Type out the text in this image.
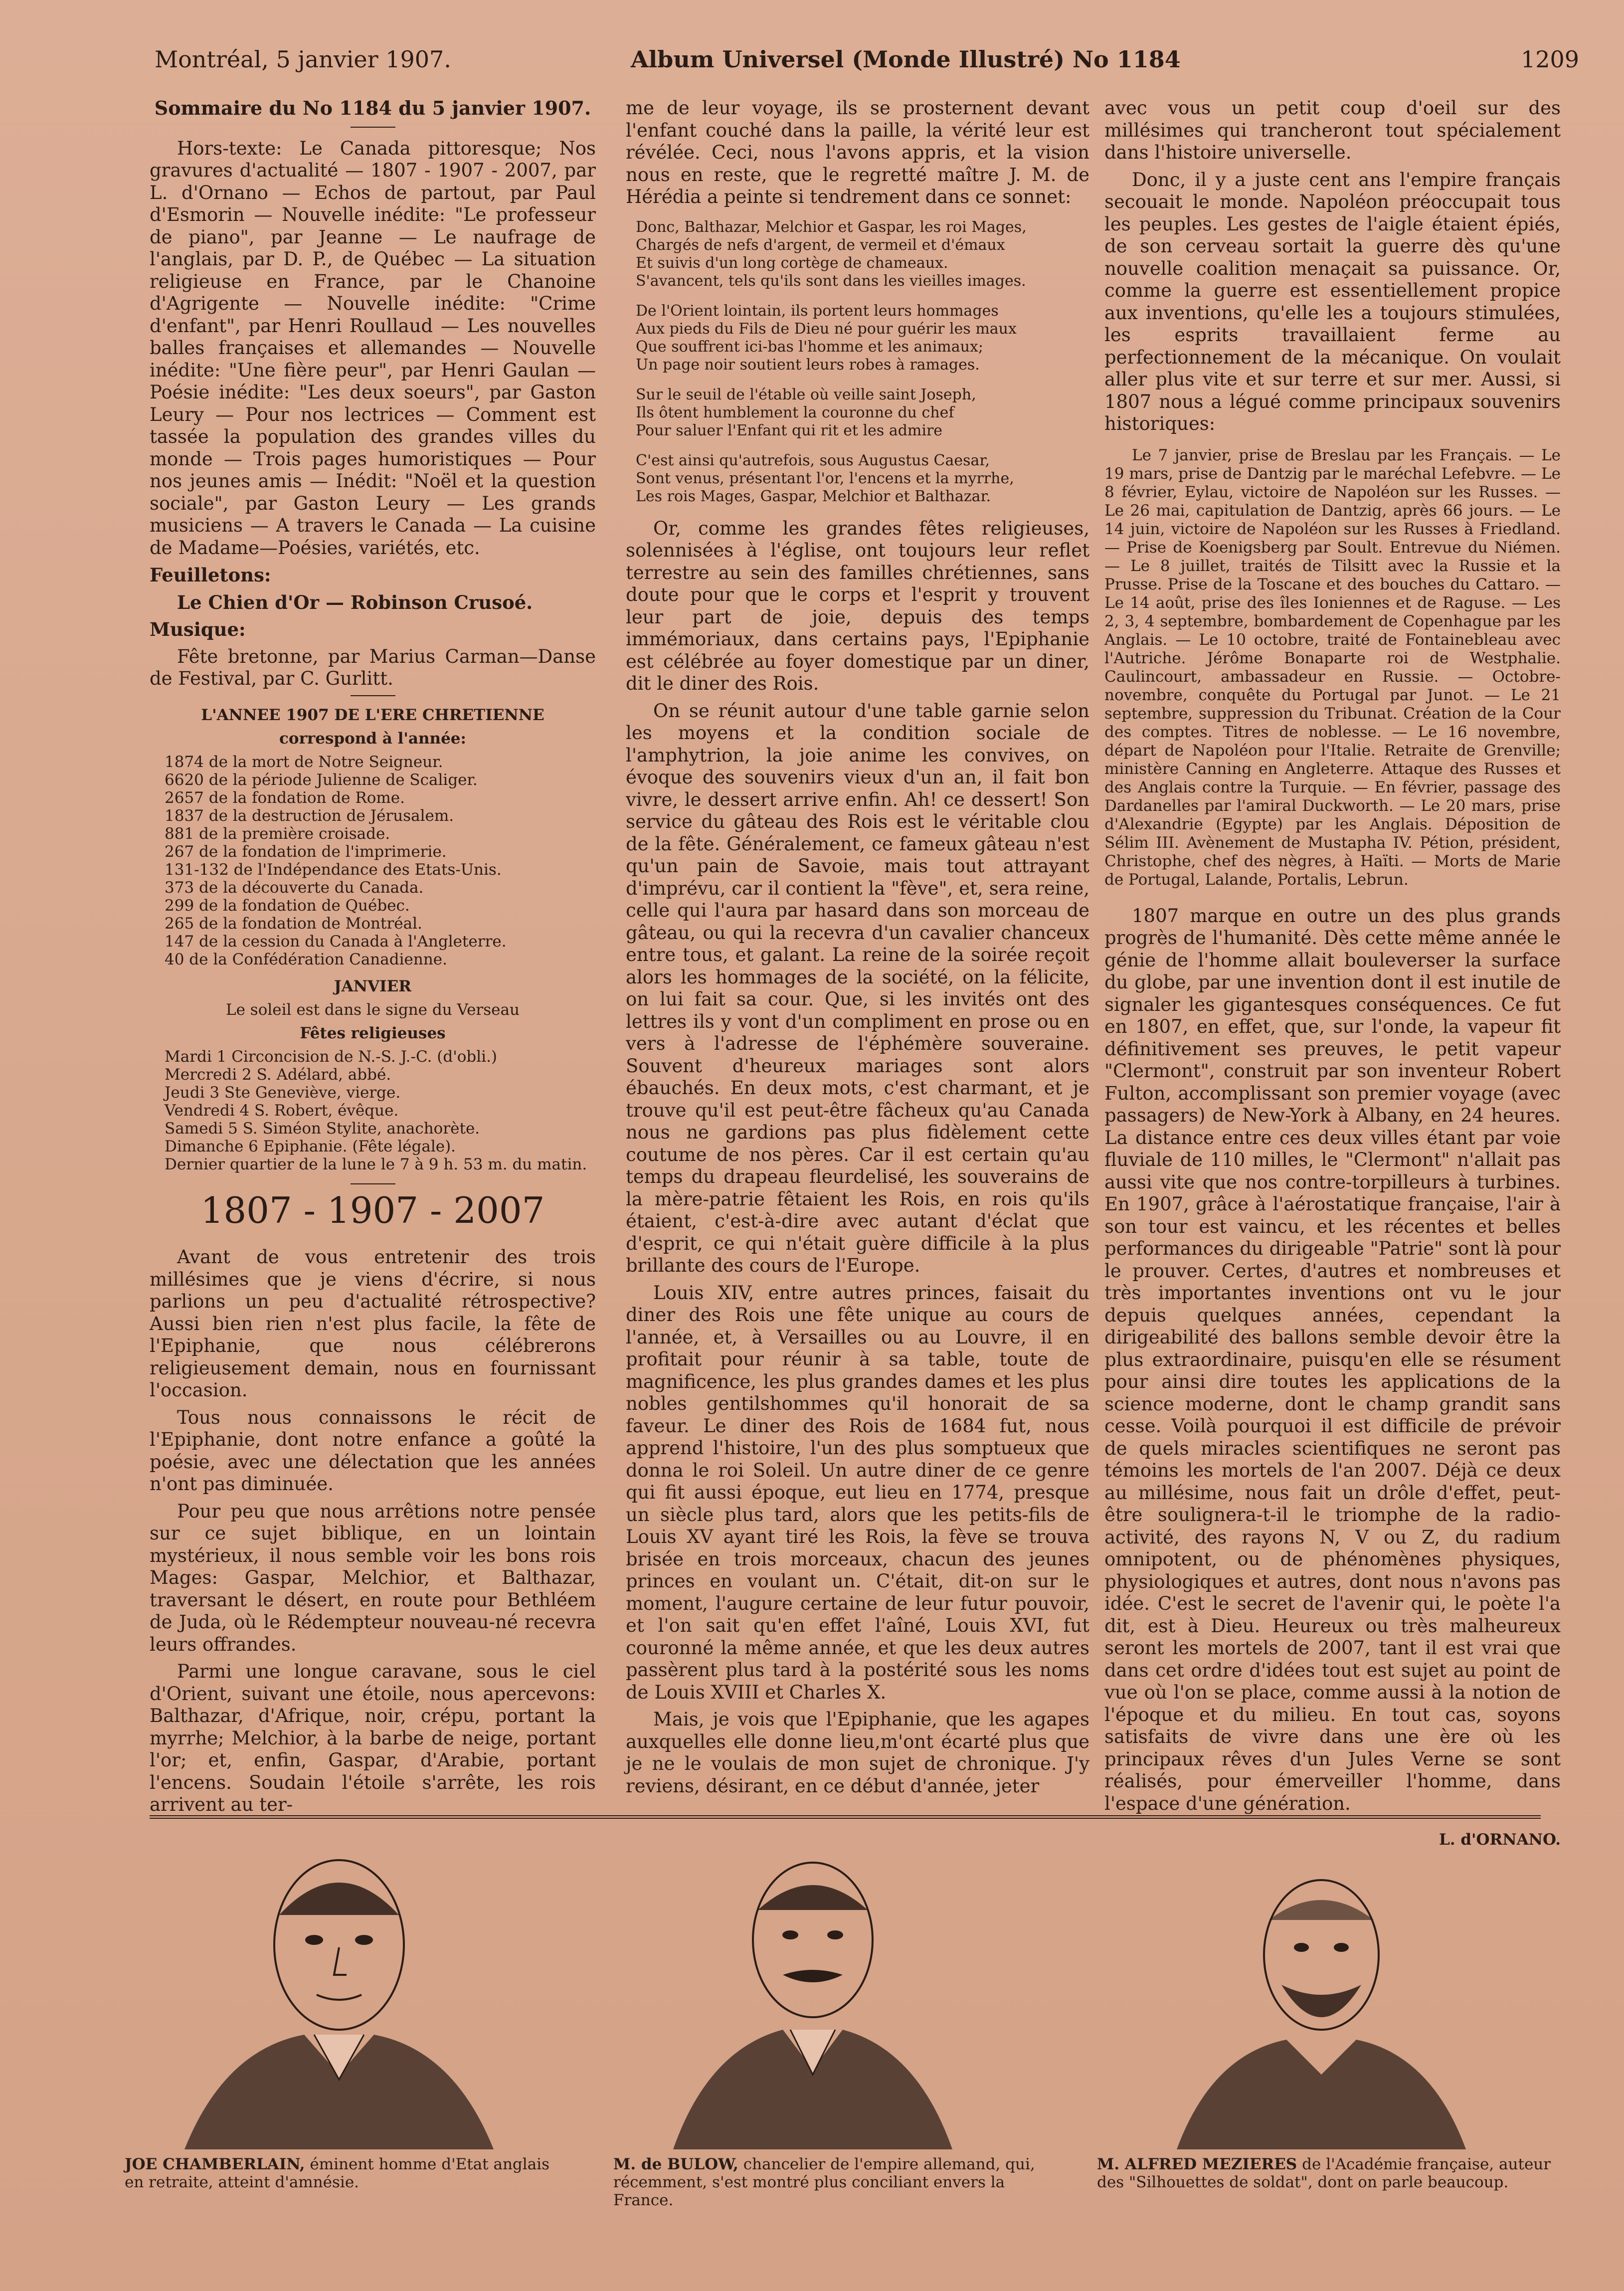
Montréal, 5 janvier 1907.	Album Universel (Monde Illustré) No 1184	1209

Sommaire du No 1184 du 5 janvier 1907.

Hors-texte: Le Canada pittoresque; Nos gravures d'actualité — 1807 - 1907 - 2007, par L. d'Ornano — Echos de partout, par Paul d'Esmorin — Nouvelle inédite: "Le professeur de piano", par Jeanne — Le naufrage de l'anglais, par D. P., de Québec — La situation religieuse en France, par le Chanoine d'Agrigente — Nouvelle inédite: "Crime d'enfant", par Henri Roullaud — Les nouvelles balles françaises et allemandes — Nouvelle inédite: "Une fière peur", par Henri Gaulan — Poésie inédite: "Les deux soeurs", par Gaston Leury — Pour nos lectrices — Comment est tassée la population des grandes villes du monde — Trois pages humoristiques — Pour nos jeunes amis — Inédit: "Noël et la question sociale", par Gaston Leury — Les grands musiciens — A travers le Canada — La cuisine de Madame—Poésies, variétés, etc.

Feuilletons:

Le Chien d'Or — Robinson Crusoé.

Musique:

Fête bretonne, par Marius Carman—Danse de Festival, par C. Gurlitt.

L'ANNEE 1907 DE L'ERE CHRETIENNE

correspond à l'année:

1874 de la mort de Notre Seigneur.

6620 de la période Julienne de Scaliger.

2657 de la fondation de Rome.

1837 de la destruction de Jérusalem.

881 de la première croisade.

267 de la fondation de l'imprimerie.

131-132 de l'Indépendance des Etats-Unis.

373 de la découverte du Canada.

299 de la fondation de Québec.

265 de la fondation de Montréal.

147 de la cession du Canada à l'Angleterre.

40 de la Confédération Canadienne.

JANVIER

Le soleil est dans le signe du Verseau

Fêtes religieuses

Mardi 1 Circoncision de N.-S. J.-C. (d'obli.)

Mercredi 2 S. Adélard, abbé.

Jeudi 3 Ste Geneviève, vierge.

Vendredi 4 S. Robert, évêque.

Samedi 5 S. Siméon Stylite, anachorète.

Dimanche 6 Epiphanie. (Fête légale).

Dernier quartier de la lune le 7 à 9 h. 53 m. du matin.

1807 - 1907 - 2007

Avant de vous entretenir des trois millésimes que je viens d'écrire, si nous parlions un peu d'actualité rétrospective? Aussi bien rien n'est plus facile, la fête de l'Epiphanie, que nous célébrerons religieusement demain, nous en fournissant l'occasion.

Tous nous connaissons le récit de l'Epiphanie, dont notre enfance a goûté la poésie, avec une délectation que les années n'ont pas diminuée.

Pour peu que nous arrêtions notre pensée sur ce sujet biblique, en un lointain mystérieux, il nous semble voir les bons rois Mages: Gaspar, Melchior, et Balthazar, traversant le désert, en route pour Bethléem de Juda, où le Rédempteur nouveau-né recevra leurs offrandes.

Parmi une longue caravane, sous le ciel d'Orient, suivant une étoile, nous apercevons: Balthazar, d'Afrique, noir, crépu, portant la myrrhe; Melchior, à la barbe de neige, portant l'or; et, enfin, Gaspar, d'Arabie, portant l'encens. Soudain l'étoile s'arrête, les rois arrivent au ter-

me de leur voyage, ils se prosternent devant l'enfant couché dans la paille, la vérité leur est révélée. Ceci, nous l'avons appris, et la vision nous en reste, que le regretté maître J. M. de Hérédia a peinte si tendrement dans ce sonnet:

Donc, Balthazar, Melchior et Gaspar, les roi Mages,
Chargés de nefs d'argent, de vermeil et d'émaux
Et suivis d'un long cortège de chameaux.
S'avancent, tels qu'ils sont dans les vieilles images.
De l'Orient lointain, ils portent leurs hommages
Aux pieds du Fils de Dieu né pour guérir les maux
Que souffrent ici-bas l'homme et les animaux;
Un page noir soutient leurs robes à ramages.
Sur le seuil de l'étable où veille saint Joseph,
Ils ôtent humblement la couronne du chef
Pour saluer l'Enfant qui rit et les admire
C'est ainsi qu'autrefois, sous Augustus Caesar,
Sont venus, présentant l'or, l'encens et la myrrhe,
Les rois Mages, Gaspar, Melchior et Balthazar.

Or, comme les grandes fêtes religieuses, solennisées à l'église, ont toujours leur reflet terrestre au sein des familles chrétiennes, sans doute pour que le corps et l'esprit y trouvent leur part de joie, depuis des temps immémoriaux, dans certains pays, l'Epiphanie est célébrée au foyer domestique par un diner, dit le diner des Rois.

On se réunit autour d'une table garnie selon les moyens et la condition sociale de l'amphytrion, la joie anime les convives, on évoque des souvenirs vieux d'un an, il fait bon vivre, le dessert arrive enfin. Ah! ce dessert! Son service du gâteau des Rois est le véritable clou de la fête. Généralement, ce fameux gâteau n'est qu'un pain de Savoie, mais tout attrayant d'imprévu, car il contient la "fève", et, sera reine, celle qui l'aura par hasard dans son morceau de gâteau, ou qui la recevra d'un cavalier chanceux entre tous, et galant. La reine de la soirée reçoit alors les hommages de la société, on la félicite, on lui fait sa cour. Que, si les invités ont des lettres ils y vont d'un compliment en prose ou en vers à l'adresse de l'éphémère souveraine. Souvent d'heureux mariages sont alors ébauchés. En deux mots, c'est charmant, et je trouve qu'il est peut-être fâcheux qu'au Canada nous ne gardions pas plus fidèlement cette coutume de nos pères. Car il est certain qu'au temps du drapeau fleurdelisé, les souverains de la mère-patrie fêtaient les Rois, en rois qu'ils étaient, c'est-à-dire avec autant d'éclat que d'esprit, ce qui n'était guère difficile à la plus brillante des cours de l'Europe.

Louis XIV, entre autres princes, faisait du diner des Rois une fête unique au cours de l'année, et, à Versailles ou au Louvre, il en profitait pour réunir à sa table, toute de magnificence, les plus grandes dames et les plus nobles gentilshommes qu'il honorait de sa faveur. Le diner des Rois de 1684 fut, nous apprend l'histoire, l'un des plus somptueux que donna le roi Soleil. Un autre diner de ce genre qui fit aussi époque, eut lieu en 1774, presque un siècle plus tard, alors que les petits-fils de Louis XV ayant tiré les Rois, la fève se trouva brisée en trois morceaux, chacun des jeunes princes en voulant un. C'était, dit-on sur le moment, l'augure certaine de leur futur pouvoir, et l'on sait qu'en effet l'aîné, Louis XVI, fut couronné la même année, et que les deux autres passèrent plus tard à la postérité sous les noms de Louis XVIII et Charles X.

Mais, je vois que l'Epiphanie, que les agapes auxquelles elle donne lieu,m'ont écarté plus que je ne le voulais de mon sujet de chronique. J'y reviens, désirant, en ce début d'année, jeter

avec vous un petit coup d'oeil sur des millésimes qui trancheront tout spécialement dans l'histoire universelle.

Donc, il y a juste cent ans l'empire français secouait le monde. Napoléon préoccupait tous les peuples. Les gestes de l'aigle étaient épiés, de son cerveau sortait la guerre dès qu'une nouvelle coalition menaçait sa puissance. Or, comme la guerre est essentiellement propice aux inventions, qu'elle les a toujours stimulées, les esprits travaillaient ferme au perfectionnement de la mécanique. On voulait aller plus vite et sur terre et sur mer. Aussi, si 1807 nous a légué comme principaux souvenirs historiques:

Le 7 janvier, prise de Breslau par les Français. — Le 19 mars, prise de Dantzig par le maréchal Lefebvre. — Le 8 février, Eylau, victoire de Napoléon sur les Russes. — Le 26 mai, capitulation de Dantzig, après 66 jours. — Le 14 juin, victoire de Napoléon sur les Russes à Friedland. — Prise de Koenigsberg par Soult. Entrevue du Niémen. — Le 8 juillet, traités de Tilsitt avec la Russie et la Prusse. Prise de la Toscane et des bouches du Cattaro. — Le 14 août, prise des îles Ioniennes et de Raguse. — Les 2, 3, 4 septembre, bombardement de Copenhague par les Anglais. — Le 10 octobre, traité de Fontainebleau avec l'Autriche. Jérôme Bonaparte roi de Westphalie. Caulincourt, ambassadeur en Russie. — Octobre-novembre, conquête du Portugal par Junot. — Le 21 septembre, suppression du Tribunat. Création de la Cour des comptes. Titres de noblesse. — Le 16 novembre, départ de Napoléon pour l'Italie. Retraite de Grenville; ministère Canning en Angleterre. Attaque des Russes et des Anglais contre la Turquie. — En février, passage des Dardanelles par l'amiral Duckworth. — Le 20 mars, prise d'Alexandrie (Egypte) par les Anglais. Déposition de Sélim III. Avènement de Mustapha IV. Pétion, président, Christophe, chef des nègres, à Haïti. — Morts de Marie de Portugal, Lalande, Portalis, Lebrun.

1807 marque en outre un des plus grands progrès de l'humanité. Dès cette même année le génie de l'homme allait bouleverser la surface du globe, par une invention dont il est inutile de signaler les gigantesques conséquences. Ce fut en 1807, en effet, que, sur l'onde, la vapeur fit définitivement ses preuves, le petit vapeur "Clermont", construit par son inventeur Robert Fulton, accomplissant son premier voyage (avec passagers) de New-York à Albany, en 24 heures. La distance entre ces deux villes étant par voie fluviale de 110 milles, le "Clermont" n'allait pas aussi vite que nos contre-torpilleurs à turbines. En 1907, grâce à l'aérostatique française, l'air à son tour est vaincu, et les récentes et belles performances du dirigeable "Patrie" sont là pour le prouver. Certes, d'autres et nombreuses et très importantes inventions ont vu le jour depuis quelques années, cependant la dirigeabilité des ballons semble devoir être la plus extraordinaire, puisqu'en elle se résument pour ainsi dire toutes les applications de la science moderne, dont le champ grandit sans cesse. Voilà pourquoi il est difficile de prévoir de quels miracles scientifiques ne seront pas témoins les mortels de l'an 2007. Déjà ce deux au millésime, nous fait un drôle d'effet, peut-être soulignera-t-il le triomphe de la radio-activité, des rayons N, V ou Z, du radium omnipotent, ou de phénomènes physiques, physiologiques et autres, dont nous n'avons pas idée. C'est le secret de l'avenir qui, le poète l'a dit, est à Dieu. Heureux ou très malheureux seront les mortels de 2007, tant il est vrai que dans cet ordre d'idées tout est sujet au point de vue où l'on se place, comme aussi à la notion de l'époque et du milieu. En tout cas, soyons satisfaits de vivre dans une ère où les principaux rêves d'un Jules Verne se sont réalisés, pour émerveiller l'homme, dans l'espace d'une génération.

L. d'ORNANO.

JOE CHAMBERLAIN, éminent homme d'Etat anglais en retraite, atteint d'amnésie.
M. de BULOW, chancelier de l'empire allemand, qui, récemment, s'est montré plus conciliant envers la France.
M. ALFRED MEZIERES de l'Académie française, auteur des "Silhouettes de soldat", dont on parle beaucoup.
